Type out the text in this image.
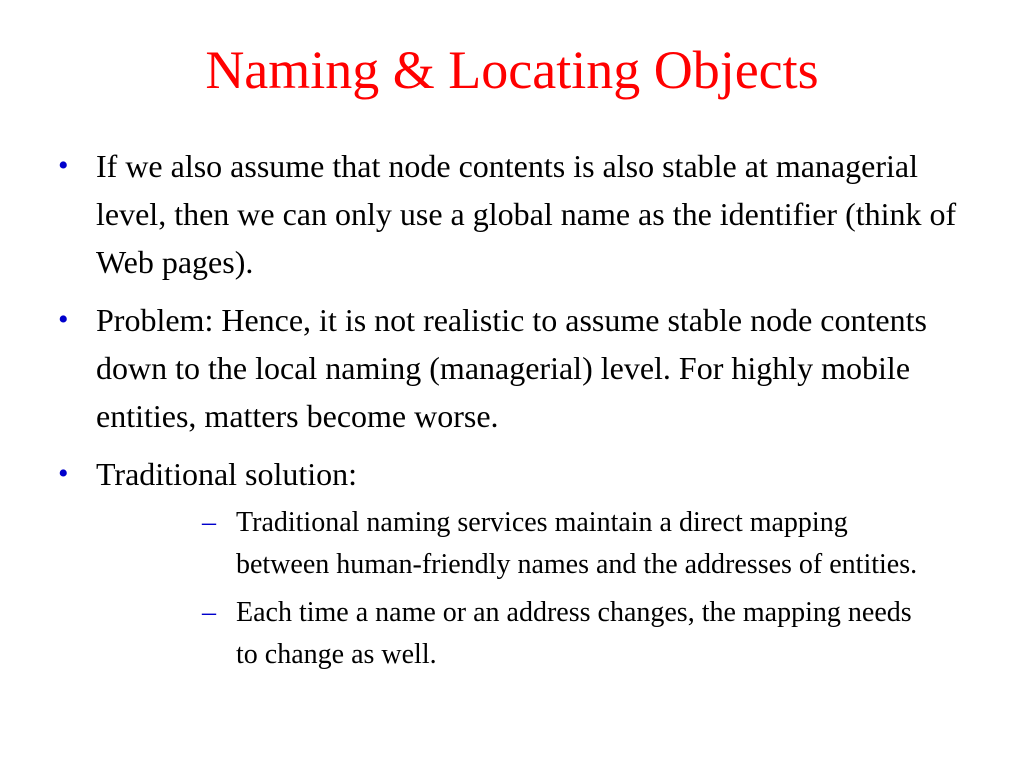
Naming & Locating Objects
• If we also assume that node contents is also stable at managerial level, then we can only use a global name as the identifier (think of Web pages).
• Problem: Hence, it is not realistic to assume stable node contents down to the local naming (managerial) level. For highly mobile entities, matters become worse.
• Traditional solution:
– Traditional naming services maintain a direct mapping between human-friendly names and the addresses of entities.
– Each time a name or an address changes, the mapping needs to change as well.
